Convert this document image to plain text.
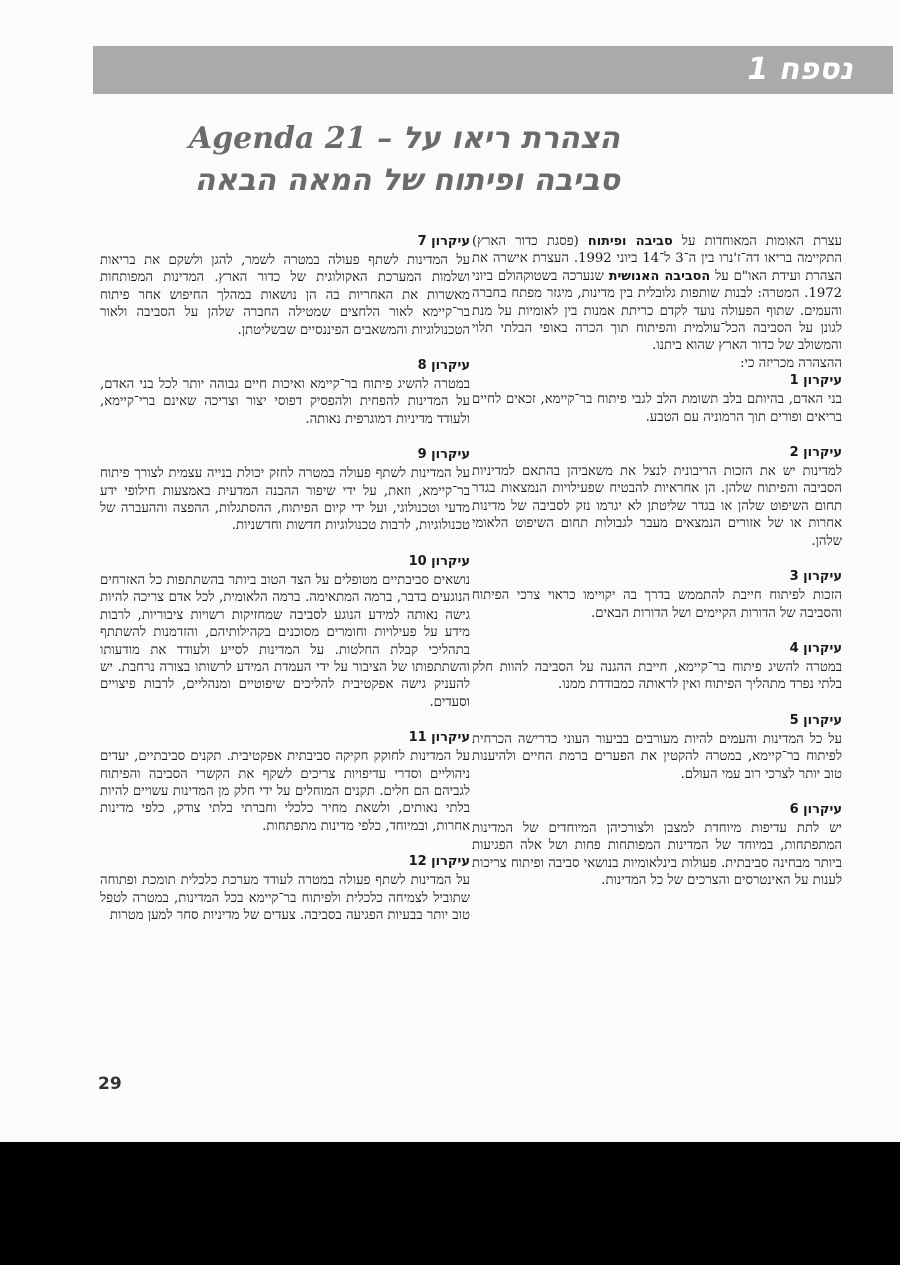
נספח 1
הצהרת ריאו על Agenda 21 –
סביבה ופיתוח של המאה הבאה

עצרת האומות המאוחדות על סביבה ופיתוח (פסגת כדור הארץ) התקיימה בריאו דה־ז'נרו בין ה־3 ל־14 ביוני 1992. העצרת אישרה את הצהרת ועידת האו"ם על הסביבה האנושית שנערכה בשטוקהולם ביוני 1972. המטרה: לבנות שותפות גלובלית בין מדינות, מיגזר מפתח בחברה והעמים. שתוף הפעולה נועד לקדם כריתת אמנות בין לאומיות על מנת לגונן על הסביבה הכל־עולמית והפיתוח תוך הכרה באופי הבלתי תלוי והמשולב של כדור הארץ שהוא ביתנו.

ההצהרה מכריזה כי:

עיקרון 1

בני האדם, בהיותם בלב תשומת הלב לגבי פיתוח בר־קיימא, זכאים לחיים בריאים ופורים תוך הרמוניה עם הטבע.

עיקרון 2

למדינות יש את הזכות הריבונית לנצל את משאביהן בהתאם למדיניות הסביבה והפיתוח שלהן. הן אחראיות להבטיח שפעילויות הנמצאות בגדר תחום השיפוט שלהן או בגדר שליטתן לא יגרמו נזק לסביבה של מדינות אחרות או של אזורים הנמצאים מעבר לגבולות תחום השיפוט הלאומי שלהן.

עיקרון 3

הזכות לפיתוח חייבת להתממש בדרך בה יקויימו כראוי צרכי הפיתוח והסביבה של הדורות הקיימים ושל הדורות הבאים.

עיקרון 4

במטרה להשיג פיתוח בר־קיימא, חייבת ההגנה על הסביבה להוות חלק בלתי נפרד מתהליך הפיתוח ואין לראותה כמבודדת ממנו.

עיקרון 5

על כל המדינות והעמים להיות מעורבים בביעור העוני כדרישה הכרחית לפיתוח בר־קיימא, במטרה להקטין את הפערים ברמת החיים ולהיענות טוב יותר לצרכי רוב עמי העולם.

עיקרון 6

יש לתת עדיפות מיוחדת למצבן ולצורכיהן המיוחדים של המדינות המתפתחות, במיוחד של המדינות המפותחות פחות ושל אלה הפגיעות ביותר מבחינה סביבתית. פעולות בינלאומיות בנושאי סביבה ופיתוח צריכות לענות על האינטרסים והצרכים של כל המדינות.

עיקרון 7

על המדינות לשתף פעולה במטרה לשמר, להגן ולשקם את בריאות ושלמות המערכת האקולוגית של כדור הארץ. המדינות המפותחות מאשרות את האחריות בה הן נושאות במהלך החיפוש אחר פיתוח בר־קיימא לאור הלחצים שמטילה החברה שלהן על הסביבה ולאור הטכנולוגיות והמשאבים הפיננסיים שבשליטתן.

עיקרון 8

במטרה להשיג פיתוח בר־קיימא ואיכות חיים גבוהה יותר לכל בני האדם, על המדינות להפחית ולהפסיק דפוסי יצור וצריכה שאינם ברי־קיימא, ולעודד מדיניות דמוגרפית נאותה.

עיקרון 9

על המדינות לשתף פעולה במטרה לחזק יכולת בנייה עצמית לצורך פיתוח בר־קיימא, וזאת, על ידי שיפור ההבנה המדעית באמצעות חילופי ידע מדעי וטכנולוגי, ועל ידי קיום הפיתוח, ההסתגלות, ההפצה וההעברה של טכנולוגיות, לרבות טכנולוגיות חדשות וחדשניות.

עיקרון 10

נושאים סביבתיים מטופלים על הצד הטוב ביותר בהשתתפות כל האזרחים הנוגעים בדבר, ברמה המתאימה. ברמה הלאומית, לכל אדם צריכה להיות גישה נאותה למידע הנוגע לסביבה שמחזיקות רשויות ציבוריות, לרבות מידע על פעילויות וחומרים מסוכנים בקהילותיהם, והזדמנות להשתתף בתהליכי קבלת החלטות. על המדינות לסייע ולעודד את מודעותו והשתתפותו של הציבור על ידי העמדת המידע לרשותו בצורה נרחבת. יש להעניק גישה אפקטיבית להליכים שיפוטיים ומנהליים, לרבות פיצויים וסעדים.

עיקרון 11

על המדינות לחוקק חקיקה סביבתית אפקטיבית. תקנים סביבתיים, יעדים ניהוליים וסדרי עדיפויות צריכים לשקף את הקשרי הסביבה והפיתוח לגביהם הם חלים. תקנים המוחלים על ידי חלק מן המדינות עשויים להיות בלתי נאותים, ולשאת מחיר כלכלי וחברתי בלתי צודק, כלפי מדינות אחרות, ובמיוחד, כלפי מדינות מתפתחות.

עיקרון 12

על המדינות לשתף פעולה במטרה לעודד מערכת כלכלית תומכת ופתוחה שתוביל לצמיחה כלכלית ולפיתוח בר־קיימא בכל המדינות, במטרה לטפל טוב יותר בבעיות הפגיעה בסביבה. צעדים של מדיניות סחר למען מטרות

29
